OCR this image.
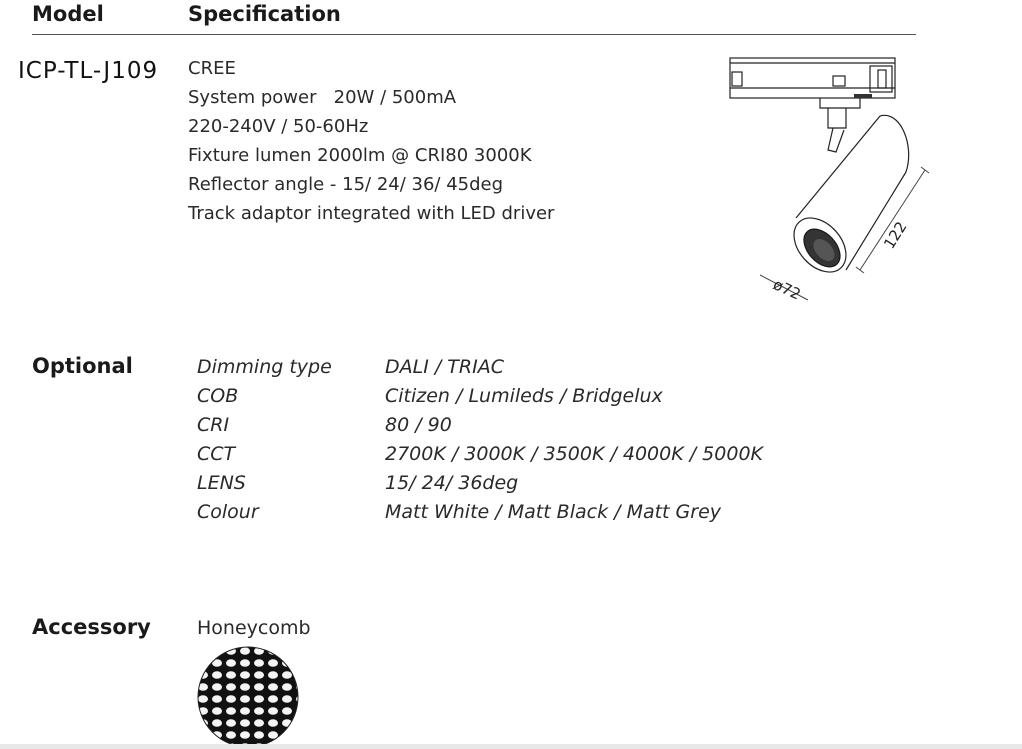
Model	Specification
ICP-TL-J109 CREE
System power   20W / 500mA
220-240V / 50-60Hz
Fixture lumen 2000lm @ CRI80 3000K
Reflector angle - 15/ 24/ 36/ 45deg
Track adaptor integrated with LED driver
122
ø72
Optional	Dimming type	DALI / TRIAC
COB	Citizen / Lumileds / Bridgelux
CRI	80 / 90
CCT	2700K / 3000K / 3500K / 4000K / 5000K
LENS	15/ 24/ 36deg
Colour	Matt White / Matt Black / Matt Grey
Accessory Honeycomb
